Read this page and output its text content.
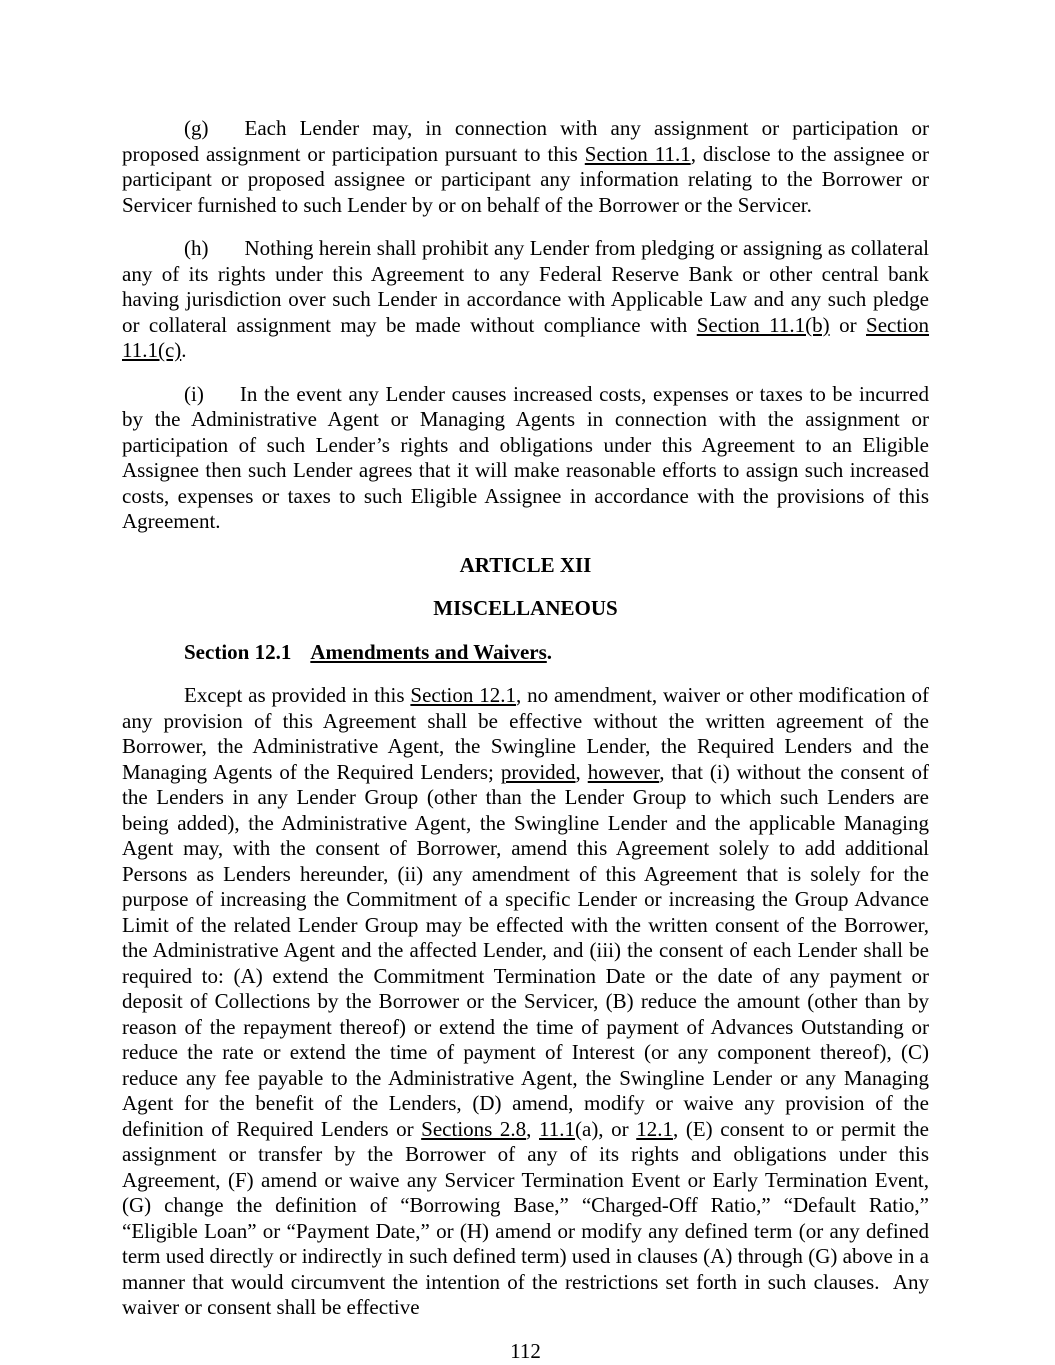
(g) Each Lender may, in connection with any assignment or participation or proposed assignment or participation pursuant to this Section 11.1, disclose to the assignee or participant or proposed assignee or participant any information relating to the Borrower or Servicer furnished to such Lender by or on behalf of the Borrower or the Servicer.

(h) Nothing herein shall prohibit any Lender from pledging or assigning as collateral any of its rights under this Agreement to any Federal Reserve Bank or other central bank having jurisdiction over such Lender in accordance with Applicable Law and any such pledge or collateral assignment may be made without compliance with Section 11.1(b) or Section 11.1(c).

(i) In the event any Lender causes increased costs, expenses or taxes to be incurred by the Administrative Agent or Managing Agents in connection with the assignment or participation of such Lender’s rights and obligations under this Agreement to an Eligible Assignee then such Lender agrees that it will make reasonable efforts to assign such increased costs, expenses or taxes to such Eligible Assignee in accordance with the provisions of this Agreement.

ARTICLE XII

MISCELLANEOUS

Section 12.1 Amendments and Waivers.

Except as provided in this Section 12.1, no amendment, waiver or other modification of any provision of this Agreement shall be effective without the written agreement of the Borrower, the Administrative Agent, the Swingline Lender, the Required Lenders and the Managing Agents of the Required Lenders; provided, however, that (i) without the consent of the Lenders in any Lender Group (other than the Lender Group to which such Lenders are being added), the Administrative Agent, the Swingline Lender and the applicable Managing Agent may, with the consent of Borrower, amend this Agreement solely to add additional Persons as Lenders hereunder, (ii) any amendment of this Agreement that is solely for the purpose of increasing the Commitment of a specific Lender or increasing the Group Advance Limit of the related Lender Group may be effected with the written consent of the Borrower, the Administrative Agent and the affected Lender, and (iii) the consent of each Lender shall be required to: (A) extend the Commitment Termination Date or the date of any payment or deposit of Collections by the Borrower or the Servicer, (B) reduce the amount (other than by reason of the repayment thereof) or extend the time of payment of Advances Outstanding or reduce the rate or extend the time of payment of Interest (or any component thereof), (C) reduce any fee payable to the Administrative Agent, the Swingline Lender or any Managing Agent for the benefit of the Lenders, (D) amend, modify or waive any provision of the definition of Required Lenders or Sections 2.8, 11.1(a), or 12.1, (E) consent to or permit the assignment or transfer by the Borrower of any of its rights and obligations under this Agreement, (F) amend or waive any Servicer Termination Event or Early Termination Event, (G) change the definition of “Borrowing Base,” “Charged-Off Ratio,” “Default Ratio,” “Eligible Loan” or “Payment Date,” or (H) amend or modify any defined term (or any defined term used directly or indirectly in such defined term) used in clauses (A) through (G) above in a manner that would circumvent the intention of the restrictions set forth in such clauses.  Any waiver or consent shall be effective

112
